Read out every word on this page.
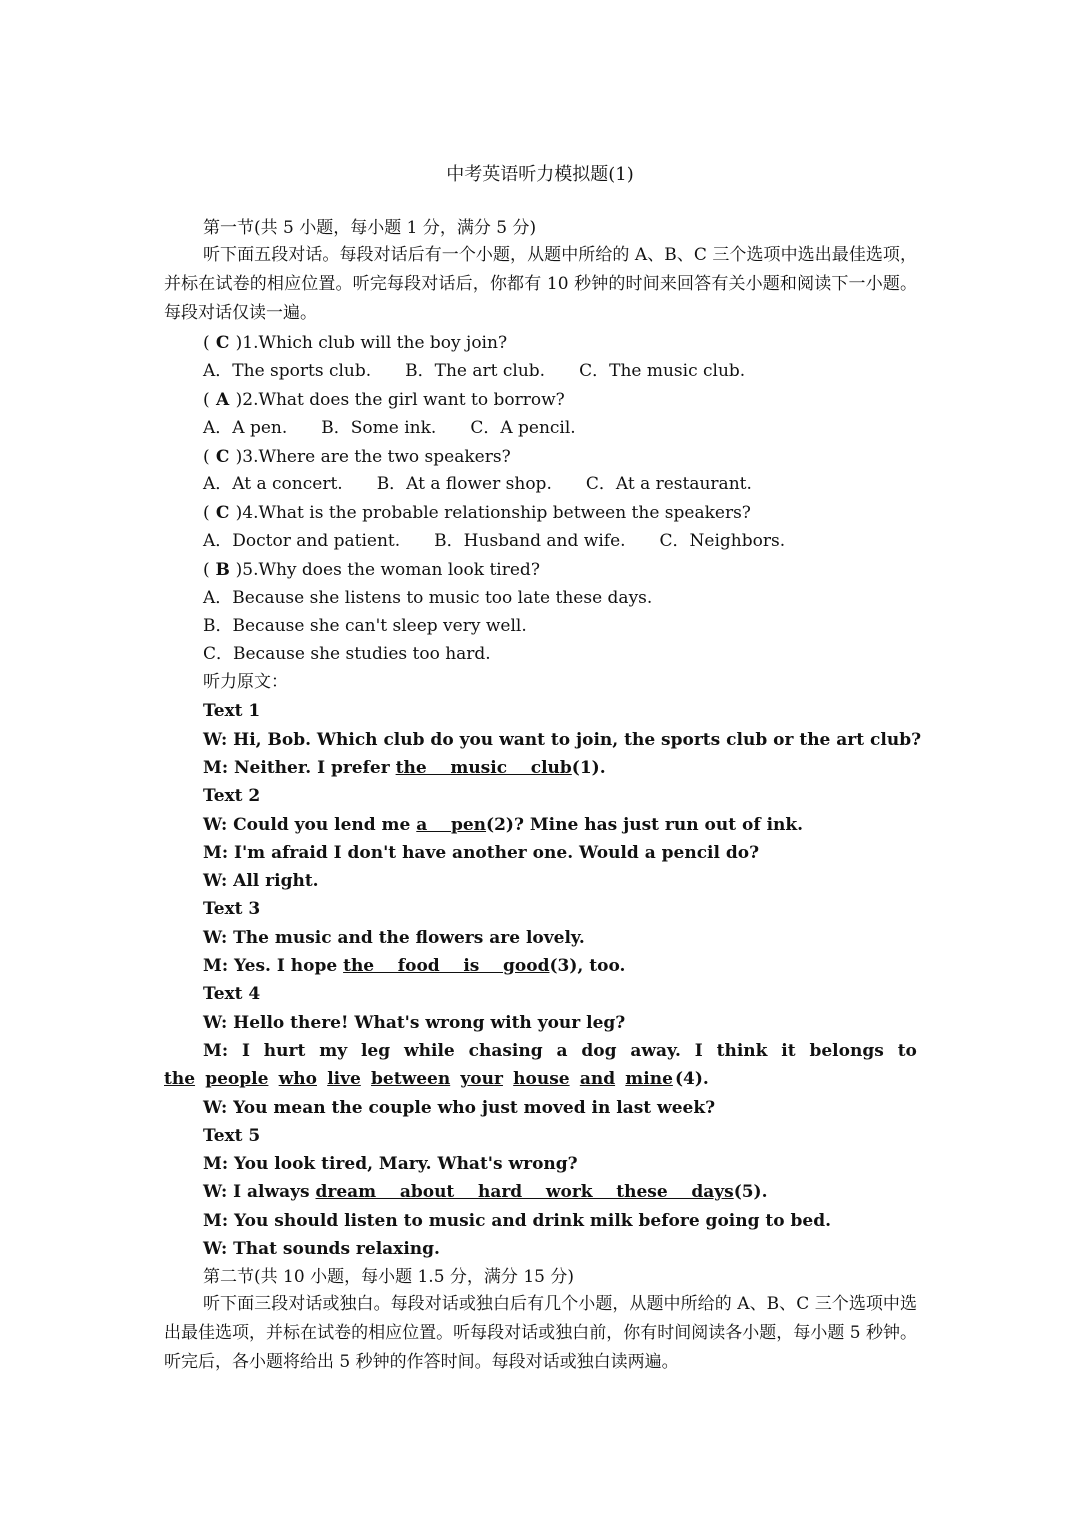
中考英语听力模拟题(1)
第一节(共 5 小题，每小题 1 分，满分 5 分)
听下面五段对话。每段对话后有一个小题，从题中所给的 A、B、C 三个选项中选出最佳选项，并标在试卷的相应位置。听完每段对话后，你都有 10 秒钟的时间来回答有关小题和阅读下一小题。每段对话仅读一遍。
( C )1.Which club will the boy join?
A．The sports club. B．The art club. C．The music club.
( A )2.What does the girl want to borrow?
A．A pen. B．Some ink. C．A pencil.
( C )3.Where are the two speakers?
A．At a concert. B．At a flower shop. C．At a restaurant.
( C )4.What is the probable relationship between the speakers?
A．Doctor and patient. B．Husband and wife. C．Neighbors.
( B )5.Why does the woman look tired?
A．Because she listens to music too late these days.
B．Because she can't sleep very well.
C．Because she studies too hard.
听力原文：
Text 1
W: Hi, Bob. Which club do you want to join, the sports club or the art club?
M: Neither. I prefer the    music    club(1).
Text 2
W: Could you lend me a    pen(2)? Mine has just run out of ink.
M: I'm afraid I don't have another one. Would a pencil do?
W: All right.
Text 3
W: The music and the flowers are lovely.
M: Yes. I hope the    food    is    good(3), too.
Text 4
W: Hello there! What's wrong with your leg?
M: I hurt my leg while chasing a dog away. I think it belongs to
the people who live between your house and mine (4).
W: You mean the couple who just moved in last week?
Text 5
M: You look tired, Mary. What's wrong?
W: I always dream    about    hard    work    these    days(5).
M: You should listen to music and drink milk before going to bed.
W: That sounds relaxing.
第二节(共 10 小题，每小题 1.5 分，满分 15 分)
听下面三段对话或独白。每段对话或独白后有几个小题，从题中所给的 A、B、C 三个选项中选出最佳选项，并标在试卷的相应位置。听每段对话或独白前，你有时间阅读各小题，每小题 5 秒钟。听完后，各小题将给出 5 秒钟的作答时间。每段对话或独白读两遍。
